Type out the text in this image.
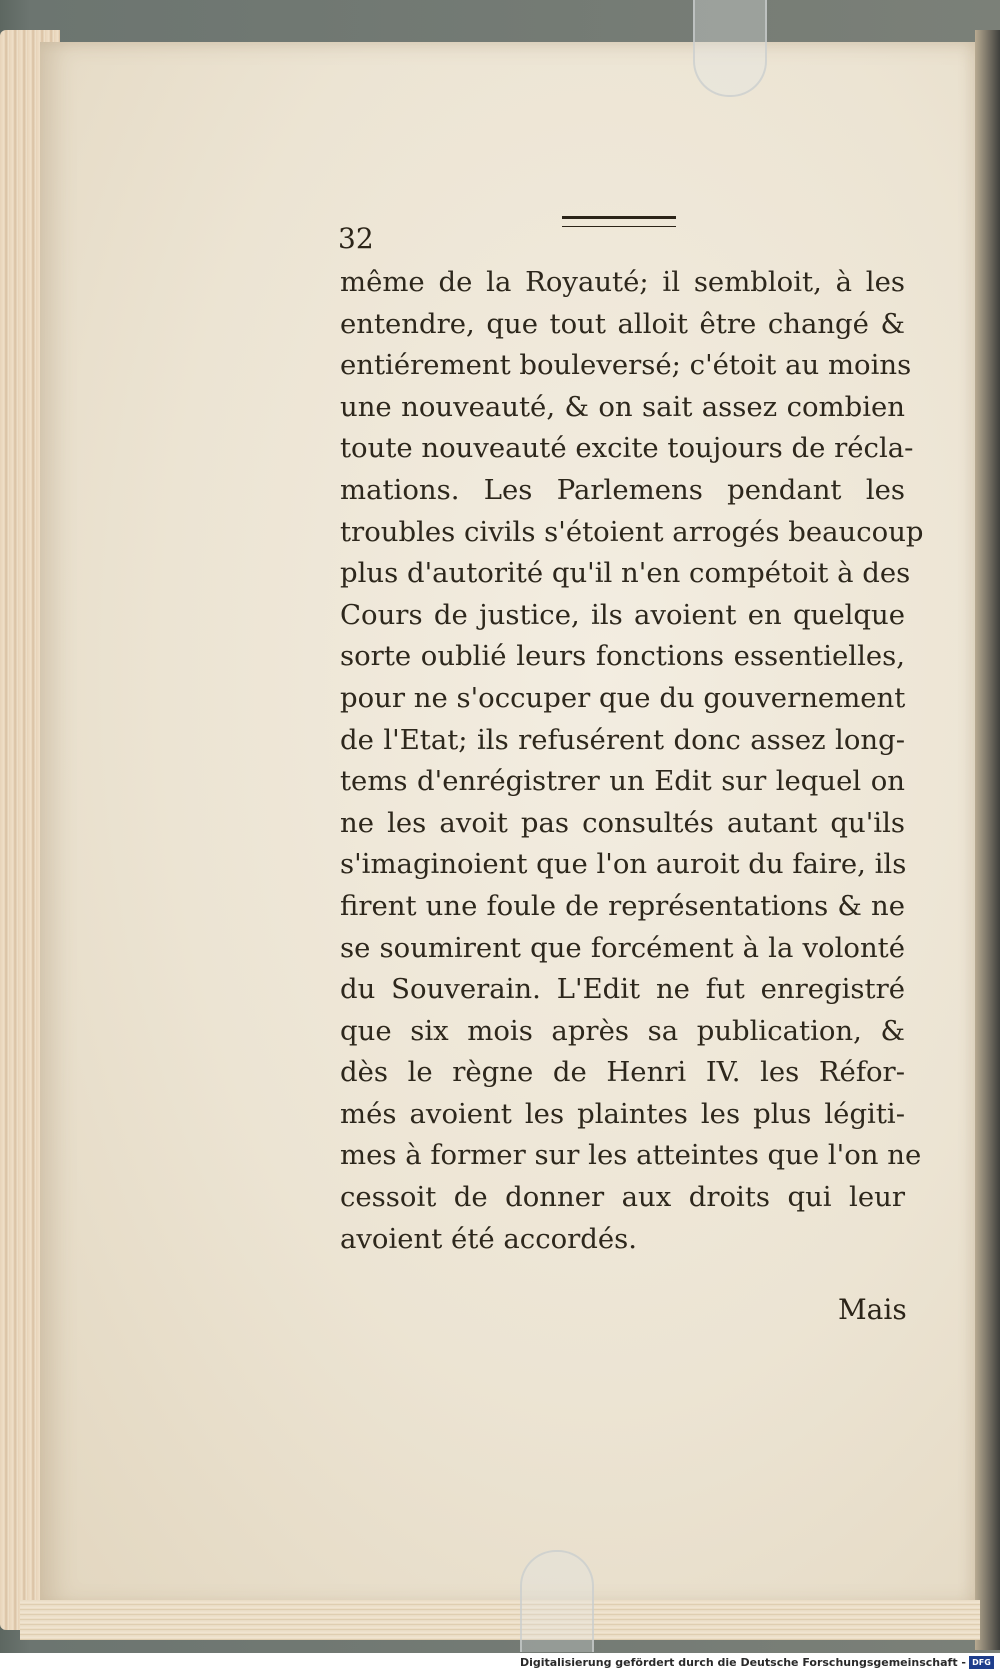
32
même de la Royauté; il sembloit, à les
entendre, que tout alloit être changé &
entiérement bouleversé; c'étoit au moins
une nouveauté, & on sait assez combien
toute nouveauté excite toujours de récla-
mations. Les Parlemens pendant les
troubles civils s'étoient arrogés beaucoup
plus d'autorité qu'il n'en compétoit à des
Cours de justice, ils avoient en quelque
sorte oublié leurs fonctions essentielles,
pour ne s'occuper que du gouvernement
de l'Etat; ils refusérent donc assez long-
tems d'enrégistrer un Edit sur lequel on
ne les avoit pas consultés autant qu'ils
s'imaginoient que l'on auroit du faire, ils
firent une foule de représentations & ne
se soumirent que forcément à la volonté
du Souverain. L'Edit ne fut enregistré
que six mois après sa publication, &
dès le règne de Henri IV. les Réfor-
més avoient les plaintes les plus légiti-
mes à former sur les atteintes que l'on ne
cessoit de donner aux droits qui leur
avoient été accordés.
Mais
Digitalisierung gefördert durch die Deutsche Forschungsgemeinschaft - DFG
